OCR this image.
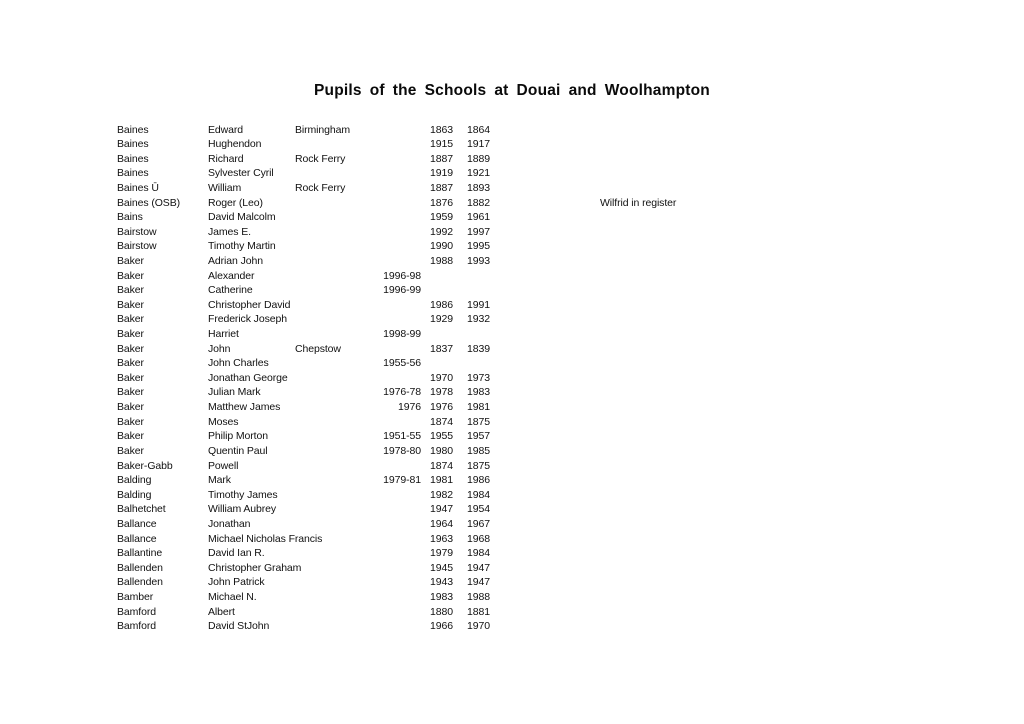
Pupils of the Schools at Douai and Woolhampton
Baines	Edward	Birmingham	1863	1864
Baines	Hughendon	1915	1917
Baines	Richard	Rock Ferry	1887	1889
Baines	Sylvester Cyril	1919	1921
Baines Ū	William	Rock Ferry	1887	1893
Baines (OSB)	Roger (Leo)	1876	1882	Wilfrid in register
Bains	David Malcolm	1959	1961
Bairstow	James E.	1992	1997
Bairstow	Timothy Martin	1990	1995
Baker	Adrian John	1988	1993
Baker	Alexander	1996-98
Baker	Catherine	1996-99
Baker	Christopher David	1986	1991
Baker	Frederick Joseph	1929	1932
Baker	Harriet	1998-99
Baker	John	Chepstow	1837	1839
Baker	John Charles	1955-56
Baker	Jonathan George	1970	1973
Baker	Julian Mark	1976-78 1978	1983
Baker	Matthew James	1976 1976	1981
Baker	Moses	1874	1875
Baker	Philip Morton	1951-55 1955	1957
Baker	Quentin Paul	1978-80 1980	1985
Baker-Gabb	Powell	1874	1875
Balding	Mark	1979-81 1981	1986
Balding	Timothy James	1982	1984
Balhetchet	William Aubrey	1947	1954
Ballance	Jonathan	1964	1967
Ballance	Michael Nicholas Francis	1963	1968
Ballantine	David Ian R.	1979	1984
Ballenden	Christopher Graham	1945	1947
Ballenden	John Patrick	1943	1947
Bamber	Michael N.	1983	1988
Bamford	Albert	1880	1881
Bamford	David StJohn	1966	1970
